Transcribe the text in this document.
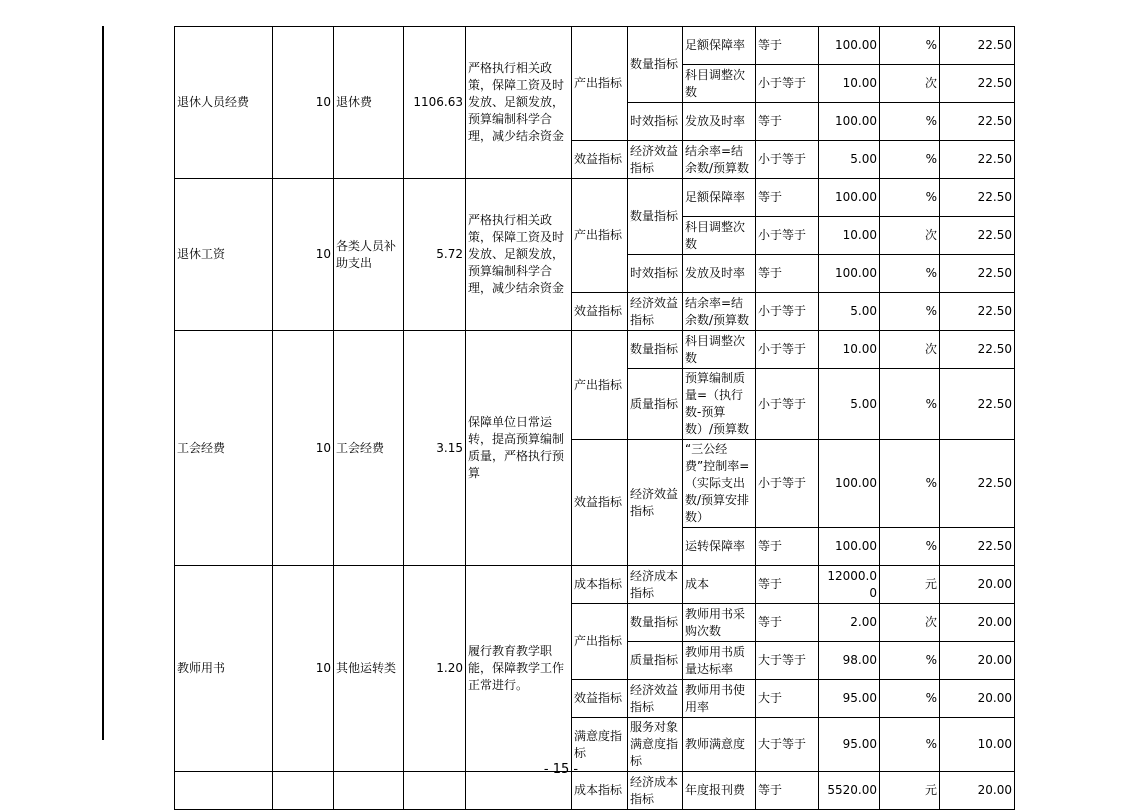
退休人员经费	10	退休费	1106.63	严格执行相关政策，保障工资及时发放、足额发放，预算编制科学合理，减少结余资金	产出指标	数量指标	足额保障率	等于	100.00	%	22.50
							科目调整次数	小于等于	10.00	次	22.50
						时效指标	发放及时率	等于	100.00	%	22.50
					效益指标	经济效益指标	结余率=结余数/预算数	小于等于	5.00	%	22.50
退休工资	10	各类人员补助支出	5.72	严格执行相关政策，保障工资及时发放、足额发放，预算编制科学合理，减少结余资金	产出指标	数量指标	足额保障率	等于	100.00	%	22.50
							科目调整次数	小于等于	10.00	次	22.50
						时效指标	发放及时率	等于	100.00	%	22.50
					效益指标	经济效益指标	结余率=结余数/预算数	小于等于	5.00	%	22.50
工会经费	10	工会经费	3.15	保障单位日常运转，提高预算编制质量，严格执行预算	产出指标	数量指标	科目调整次数	小于等于	10.00	次	22.50
						质量指标	预算编制质量=（执行数-预算数）/预算数	小于等于	5.00	%	22.50
					效益指标	经济效益指标	“三公经费”控制率=（实际支出数/预算安排数）	小于等于	100.00	%	22.50
							运转保障率	等于	100.00	%	22.50
教师用书	10	其他运转类	1.20	履行教育教学职能，保障教学工作正常进行。	成本指标	经济成本指标	成本	等于	12000.00	元	20.00
					产出指标	数量指标	教师用书采购次数	等于	2.00	次	20.00
						质量指标	教师用书质量达标率	大于等于	98.00	%	20.00
					效益指标	经济效益指标	教师用书使用率	大于	95.00	%	20.00
					满意度指标	服务对象满意度指标	教师满意度	大于等于	95.00	%	10.00
					成本指标	经济成本指标	年度报刊费	等于	5520.00	元	20.00
- 15 -
